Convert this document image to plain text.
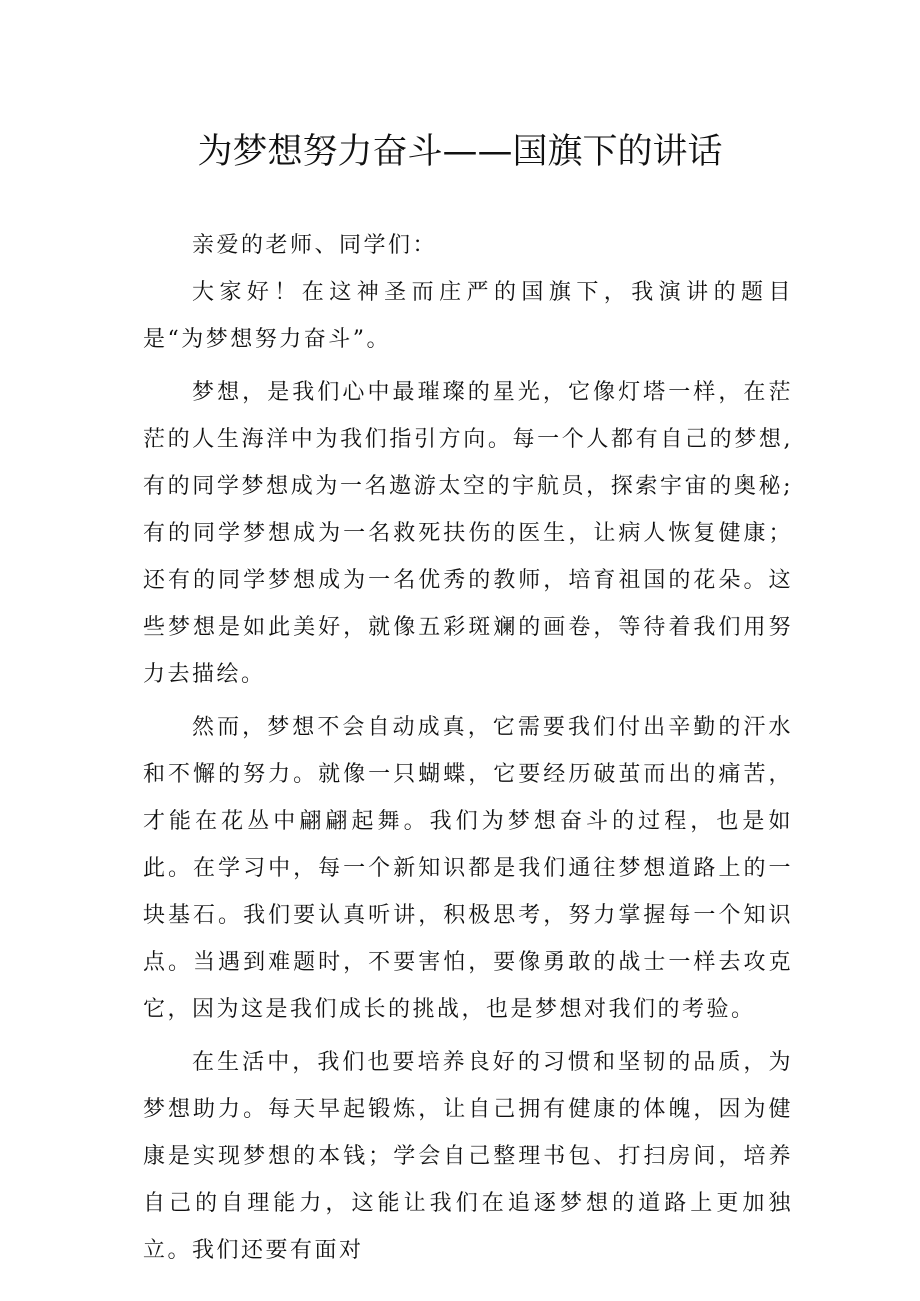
为梦想努力奋斗——国旗下的讲话

亲爱的老师、同学们：

大家好！在这神圣而庄严的国旗下，我演讲的题目是“为梦想努力奋斗”。

梦想，是我们心中最璀璨的星光，它像灯塔一样，在茫茫的人生海洋中为我们指引方向。每一个人都有自己的梦想,有的同学梦想成为一名遨游太空的宇航员，探索宇宙的奥秘;有的同学梦想成为一名救死扶伤的医生，让病人恢复健康；还有的同学梦想成为一名优秀的教师，培育祖国的花朵。这些梦想是如此美好，就像五彩斑斓的画卷，等待着我们用努力去描绘。

然而，梦想不会自动成真，它需要我们付出辛勤的汗水和不懈的努力。就像一只蝴蝶，它要经历破茧而出的痛苦，才能在花丛中翩翩起舞。我们为梦想奋斗的过程，也是如此。在学习中，每一个新知识都是我们通往梦想道路上的一块基石。我们要认真听讲，积极思考，努力掌握每一个知识点。当遇到难题时，不要害怕，要像勇敢的战士一样去攻克它，因为这是我们成长的挑战，也是梦想对我们的考验。

在生活中，我们也要培养良好的习惯和坚韧的品质，为梦想助力。每天早起锻炼，让自己拥有健康的体魄，因为健康是实现梦想的本钱；学会自己整理书包、打扫房间，培养自己的自理能力，这能让我们在追逐梦想的道路上更加独立。我们还要有面对
